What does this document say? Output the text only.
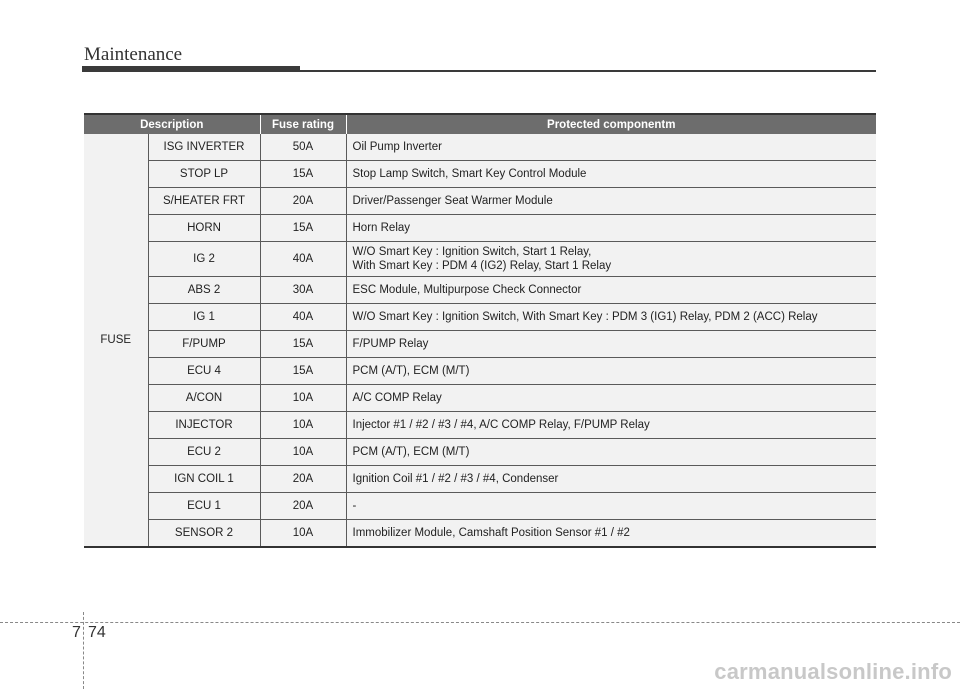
Maintenance
Description		Fuse rating	Protected componentm
FUSE	ISG INVERTER	50A	Oil Pump Inverter

	STOP LP	15A	Stop Lamp Switch, Smart Key Control Module

	S/HEATER FRT	20A	Driver/Passenger Seat Warmer Module

	HORN	15A	Horn Relay

	IG 2	40A	W/O Smart Key : Ignition Switch, Start 1 Relay,
With Smart Key : PDM 4 (IG2) Relay, Start 1 Relay

	ABS 2	30A	ESC Module, Multipurpose Check Connector

	IG 1	40A	W/O Smart Key : Ignition Switch, With Smart Key : PDM 3 (IG1) Relay, PDM 2 (ACC) Relay

	F/PUMP	15A	F/PUMP Relay

	ECU 4	15A	PCM (A/T), ECM (M/T)

	A/CON	10A	A/C COMP Relay

	INJECTOR	10A	Injector #1 / #2 / #3 / #4, A/C COMP Relay, F/PUMP Relay

	ECU 2	10A	PCM (A/T), ECM (M/T)

	IGN COIL 1	20A	Ignition Coil #1 / #2 / #3 / #4, Condenser

	ECU 1	20A	-

	SENSOR 2	10A	Immobilizer Module, Camshaft Position Sensor #1 / #2
7 74
carmanualsonline.info
